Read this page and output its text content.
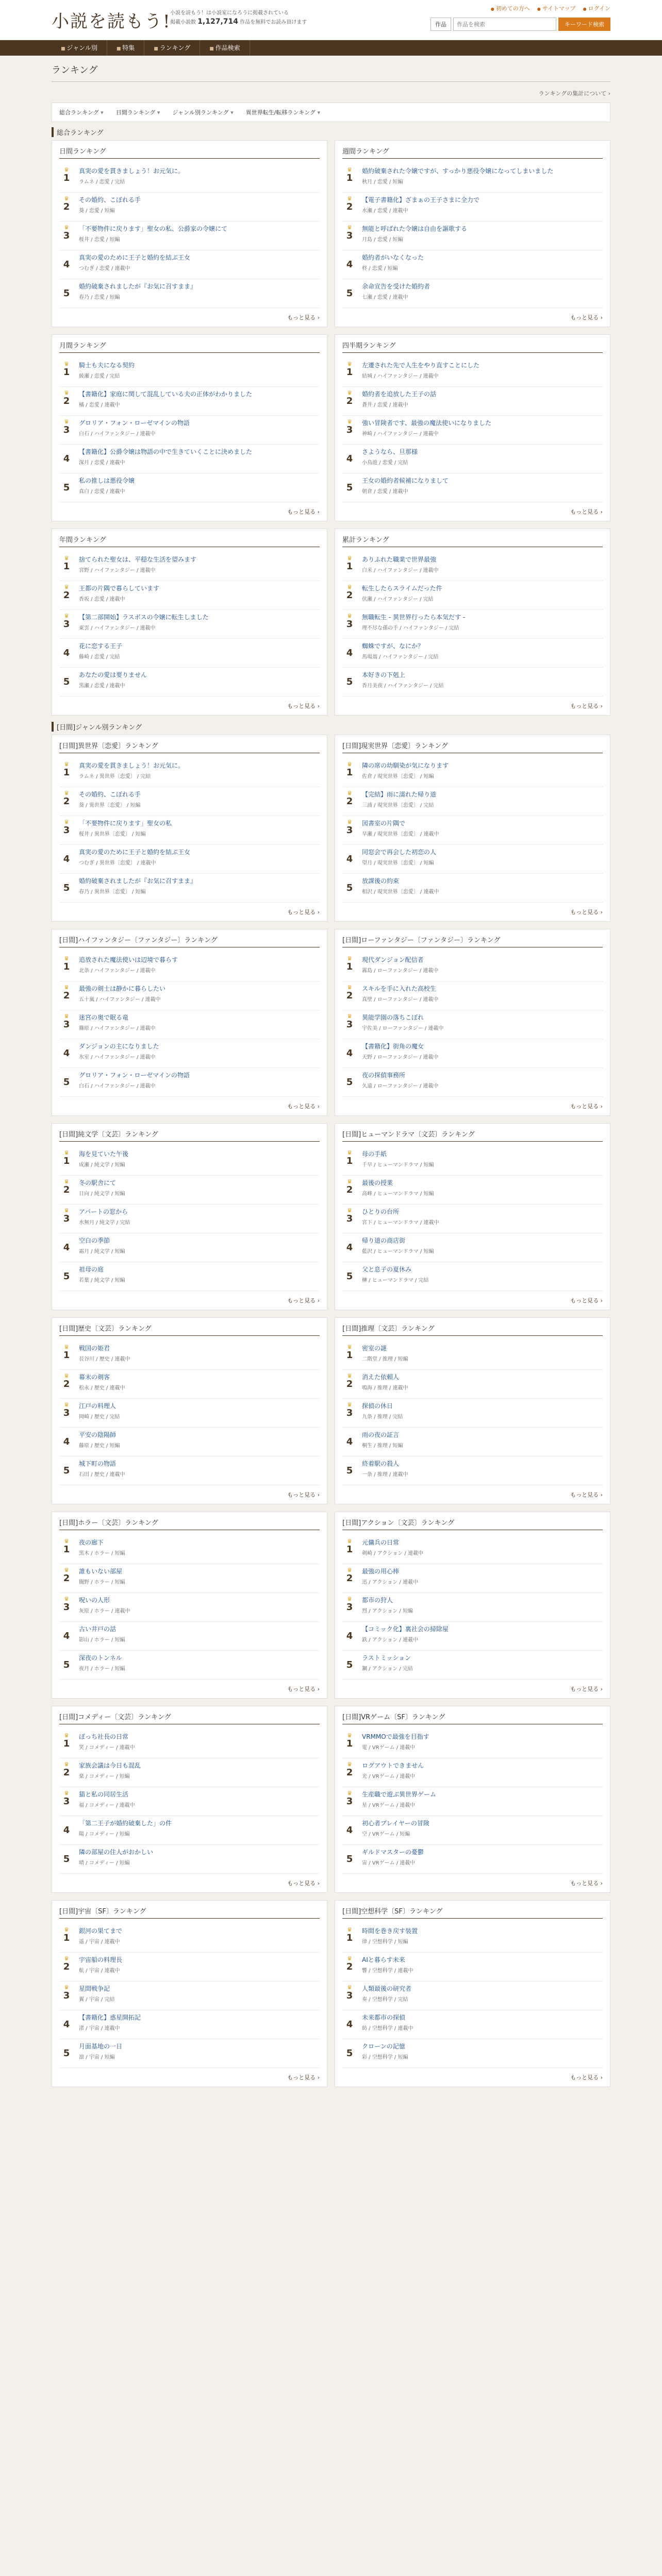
小説を読もう!
小説を読もう！は小説家になろうに掲載されている
掲載小説数 1,127,714 作品を無料でお読み頂けます
● 初めての方へ	● サイトマップ	● ログイン
作品
作品を検索	キーワード検索
■ ジャンル別	■ 特集	■ ランキング	■ 作品検索
ランキング
ランキングの集計について ›
総合ランキング ▾	日間ランキング ▾	ジャンル別ランキング ▾	異世界転生/転移ランキング ▾
総合ランキング
日間ランキング
♛
1
真実の愛を貫きましょう！お元気に。
ラムネ / 恋愛 / 完結
♛
2
その婚約、こぼれる手
葵 / 恋愛 / 短編
♛
3
「不要物件に戻ります」聖女の私、公爵家の令嬢にて
桜井 / 恋愛 / 短編
4
真実の愛のために王子と婚約を結ぶ王女
つむぎ / 恋愛 / 連載中
5
婚約破棄されましたが『お気に召すまま』
春乃 / 恋愛 / 短編
もっと見る ›
週間ランキング
♛
1
婚約破棄された令嬢ですが、すっかり悪役令嬢になってしまいました
秋月 / 恋愛 / 短編
♛
2
【電子書籍化】ざまぁの王子さまに全力で
水瀬 / 恋愛 / 連載中
♛
3
無能と呼ばれた令嬢は自由を謳歌する
月島 / 恋愛 / 短編
4
婚約者がいなくなった
柊 / 恋愛 / 短編
5
余命宣告を受けた婚約者
七瀬 / 恋愛 / 連載中
もっと見る ›
月間ランキング
♛
1
騎士も夫になる契約
綾瀬 / 恋愛 / 完結
♛
2
【書籍化】家庭に関して混乱している夫の正体がわかりました
橘 / 恋愛 / 連載中
♛
3
グロリア・フォン・ローゼマインの物語
白石 / ハイファンタジー / 連載中
4
【書籍化】公爵令嬢は物語の中で生きていくことに決めました
深月 / 恋愛 / 連載中
5
私の推しは悪役令嬢
真白 / 恋愛 / 連載中
もっと見る ›
四半期ランキング
♛
1
左遷された先で人生をやり直すことにした
結城 / ハイファンタジー / 連載中
♛
2
婚約者を追放した王子の話
蒼井 / 恋愛 / 連載中
♛
3
強い冒険者です、最強の魔法使いになりました
神崎 / ハイファンタジー / 連載中
4
さようなら、旦那様
小鳥遊 / 恋愛 / 完結
5
王女の婚約者候補になりまして
朝倉 / 恋愛 / 連載中
もっと見る ›
年間ランキング
♛
1
捨てられた聖女は、平穏な生活を望みます
宮野 / ハイファンタジー / 連載中
♛
2
王都の片隅で暮らしています
香坂 / 恋愛 / 連載中
♛
3
【第二部開始】ラスボスの令嬢に転生しました
東雲 / ハイファンタジー / 連載中
4
花に恋する王子
藤崎 / 恋愛 / 完結
5
あなたの愛は要りません
黒瀬 / 恋愛 / 連載中
もっと見る ›
累計ランキング
♛
1
ありふれた職業で世界最強
白米 / ハイファンタジー / 連載中
♛
2
転生したらスライムだった件
伏瀬 / ハイファンタジー / 完結
♛
3
無職転生 - 異世界行ったら本気だす -
理不尽な孫の手 / ハイファンタジー / 完結
4
蜘蛛ですが、なにか？
馬場翁 / ハイファンタジー / 完結
5
本好きの下剋上
香月美夜 / ハイファンタジー / 完結
もっと見る ›
[日間]ジャンル別ランキング
[日間]異世界〔恋愛〕ランキング
♛
1
真実の愛を貫きましょう！お元気に。
ラムネ / 異世界〔恋愛〕 / 完結
♛
2
その婚約、こぼれる手
葵 / 異世界〔恋愛〕 / 短編
♛
3
「不要物件に戻ります」聖女の私
桜井 / 異世界〔恋愛〕 / 短編
4
真実の愛のために王子と婚約を結ぶ王女
つむぎ / 異世界〔恋愛〕 / 連載中
5
婚約破棄されましたが『お気に召すまま』
春乃 / 異世界〔恋愛〕 / 短編
もっと見る ›
[日間]現実世界〔恋愛〕ランキング
♛
1
隣の席の幼馴染が気になります
佐倉 / 現実世界〔恋愛〕 / 短編
♛
2
【完結】雨に濡れた帰り道
三浦 / 現実世界〔恋愛〕 / 完結
♛
3
図書室の片隅で
早瀬 / 現実世界〔恋愛〕 / 連載中
4
同窓会で再会した初恋の人
望月 / 現実世界〔恋愛〕 / 短編
5
放課後の約束
相沢 / 現実世界〔恋愛〕 / 連載中
もっと見る ›
[日間]ハイファンタジー〔ファンタジー〕ランキング
♛
1
追放された魔法使いは辺境で暮らす
北条 / ハイファンタジー / 連載中
♛
2
最強の剣士は静かに暮らしたい
五十嵐 / ハイファンタジー / 連載中
♛
3
迷宮の奥で眠る竜
篠原 / ハイファンタジー / 連載中
4
ダンジョンの主になりました
氷室 / ハイファンタジー / 連載中
5
グロリア・フォン・ローゼマインの物語
白石 / ハイファンタジー / 連載中
もっと見る ›
[日間]ローファンタジー〔ファンタジー〕ランキング
♛
1
現代ダンジョン配信者
霧島 / ローファンタジー / 連載中
♛
2
スキルを手に入れた高校生
真壁 / ローファンタジー / 連載中
♛
3
異能学園の落ちこぼれ
宇佐美 / ローファンタジー / 連載中
4
【書籍化】街角の魔女
天野 / ローファンタジー / 連載中
5
夜の探偵事務所
久遠 / ローファンタジー / 連載中
もっと見る ›
[日間]純文学〔文芸〕ランキング
♛
1
海を見ていた午後
成瀬 / 純文学 / 短編
♛
2
冬の駅舎にて
日向 / 純文学 / 短編
♛
3
アパートの窓から
水無月 / 純文学 / 完結
4
空白の季節
霜月 / 純文学 / 短編
5
祖母の庭
若葉 / 純文学 / 短編
もっと見る ›
[日間]ヒューマンドラマ〔文芸〕ランキング
♛
1
母の手紙
千早 / ヒューマンドラマ / 短編
♛
2
最後の授業
高峰 / ヒューマンドラマ / 短編
♛
3
ひとりの台所
宮下 / ヒューマンドラマ / 連載中
4
帰り道の商店街
藍沢 / ヒューマンドラマ / 短編
5
父と息子の夏休み
榊 / ヒューマンドラマ / 完結
もっと見る ›
[日間]歴史〔文芸〕ランキング
♛
1
戦国の姫君
長谷川 / 歴史 / 連載中
♛
2
幕末の剣客
松永 / 歴史 / 連載中
♛
3
江戸の料理人
岡崎 / 歴史 / 完結
4
平安の陰陽師
藤原 / 歴史 / 短編
5
城下町の物語
石田 / 歴史 / 連載中
もっと見る ›
[日間]推理〔文芸〕ランキング
♛
1
密室の謎
二階堂 / 推理 / 短編
♛
2
消えた依頼人
鳴海 / 推理 / 連載中
♛
3
探偵の休日
九条 / 推理 / 完結
4
雨の夜の証言
桐生 / 推理 / 短編
5
終着駅の殺人
一条 / 推理 / 連載中
もっと見る ›
[日間]ホラー〔文芸〕ランキング
♛
1
夜の廊下
黒木 / ホラー / 短編
♛
2
誰もいない部屋
闇野 / ホラー / 短編
♛
3
呪いの人形
灰原 / ホラー / 連載中
4
古い井戸の話
影山 / ホラー / 短編
5
深夜のトンネル
夜月 / ホラー / 短編
もっと見る ›
[日間]アクション〔文芸〕ランキング
♛
1
元傭兵の日常
剣崎 / アクション / 連載中
♛
2
最強の用心棒
迅 / アクション / 連載中
♛
3
都市の狩人
烈 / アクション / 短編
4
【コミック化】裏社会の掃除屋
鉄 / アクション / 連載中
5
ラストミッション
鋼 / アクション / 完結
もっと見る ›
[日間]コメディー〔文芸〕ランキング
♛
1
ぼっち社長の日常
笑 / コメディー / 連載中
♛
2
家族会議は今日も混乱
楽 / コメディー / 短編
♛
3
猫と私の同居生活
福 / コメディー / 連載中
4
「第二王子が婚約破棄した」の件
陽 / コメディー / 短編
5
隣の部屋の住人がおかしい
晴 / コメディー / 短編
もっと見る ›
[日間]VRゲーム〔SF〕ランキング
♛
1
VRMMOで最強を目指す
電 / VRゲーム / 連載中
♛
2
ログアウトできません
光 / VRゲーム / 連載中
♛
3
生産職で遊ぶ異世界ゲーム
星 / VRゲーム / 連載中
4
初心者プレイヤーの冒険
空 / VRゲーム / 短編
5
ギルドマスターの憂鬱
宙 / VRゲーム / 連載中
もっと見る ›
[日間]宇宙〔SF〕ランキング
♛
1
銀河の果てまで
遥 / 宇宙 / 連載中
♛
2
宇宙船の料理長
航 / 宇宙 / 連載中
♛
3
星間戦争記
翼 / 宇宙 / 完結
4
【書籍化】惑星開拓記
渚 / 宇宙 / 連載中
5
月面基地の一日
凛 / 宇宙 / 短編
もっと見る ›
[日間]空想科学〔SF〕ランキング
♛
1
時間を巻き戻す装置
律 / 空想科学 / 短編
♛
2
AIと暮らす未来
響 / 空想科学 / 連載中
♛
3
人類最後の研究者
奏 / 空想科学 / 完結
4
未来都市の探偵
紡 / 空想科学 / 連載中
5
クローンの記憶
彩 / 空想科学 / 短編
もっと見る ›
